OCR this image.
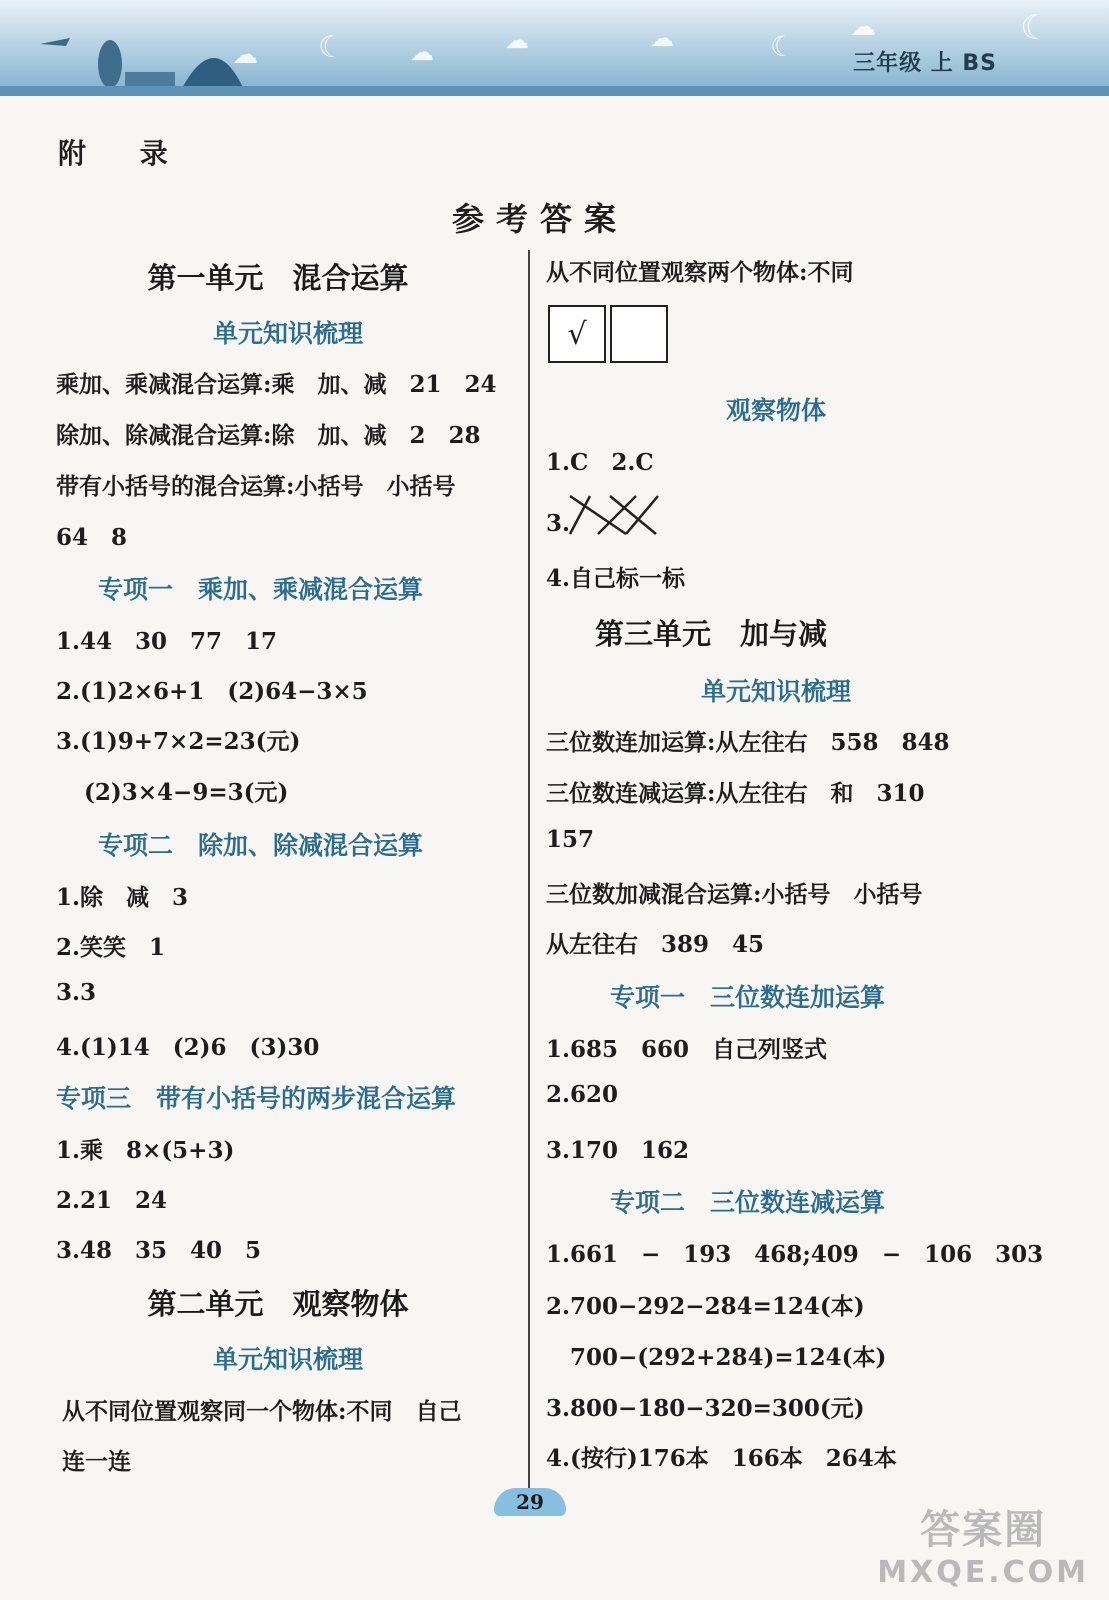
☁ ☾	☁	☁	☁	☾
☁	☾
三年级 上 BS
附 录
参考答案
第一单元　混合运算
单元知识梳理
乘加、乘减混合运算:乘　加、减　21　24
除加、除减混合运算:除　加、减　2　28
带有小括号的混合运算:小括号　小括号
64　8
专项一　乘加、乘减混合运算
1.44　30　77　17
2.(1)2×6+1　(2)64−3×5
3.(1)9+7×2=23(元)
(2)3×4−9=3(元)
专项二　除加、除减混合运算
1.除　减　3
2.笑笑　1
3.3
4.(1)14　(2)6　(3)30
专项三　带有小括号的两步混合运算
1.乘　8×(5+3)
2.21　24
3.48　35　40　5
第二单元　观察物体
单元知识梳理
从不同位置观察同一个物体:不同　自己
连一连
从不同位置观察两个物体:不同
√
观察物体
1.C　2.C
3.
4.自己标一标
第三单元　加与减
单元知识梳理
三位数连加运算:从左往右　558　848
三位数连减运算:从左往右　和　310
157
三位数加减混合运算:小括号　小括号
从左往右　389　45
专项一　三位数连加运算
1.685　660　自己列竖式
2.620
3.170　162
专项二　三位数连减运算
1.661　−　193　468;409　−　106　303
2.700−292−284=124(本)
700−(292+284)=124(本)
3.800−180−320=300(元)
4.(按行)176本　166本　264本
29
答案圈
MXQE.COM
